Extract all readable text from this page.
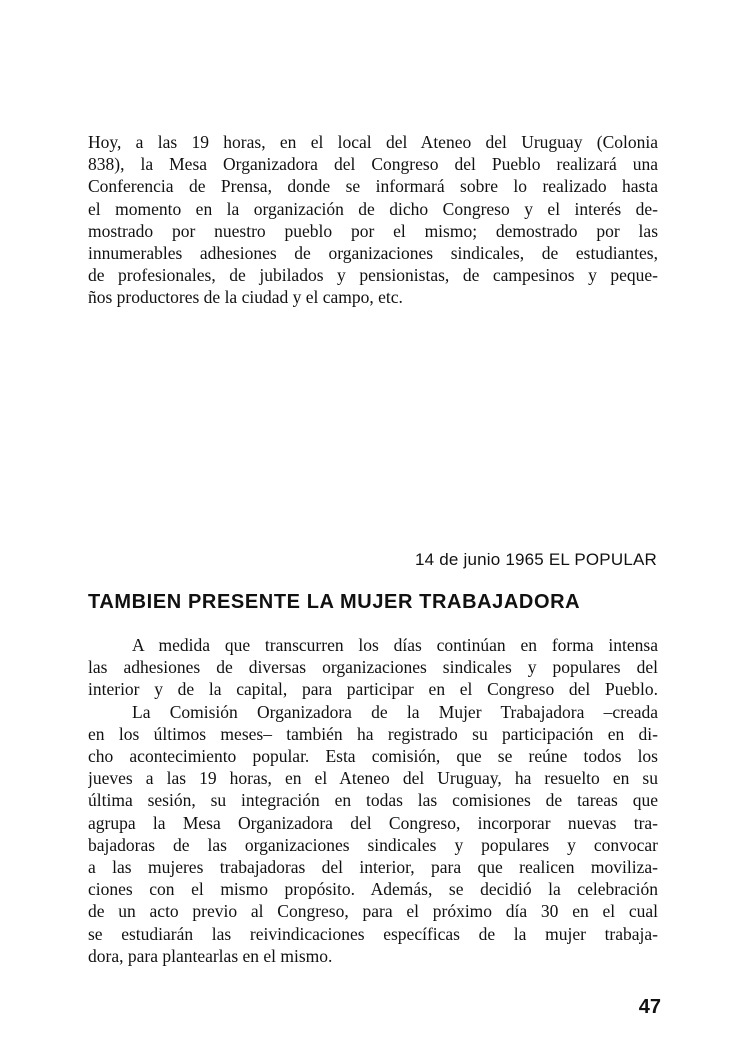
Hoy, a las 19 horas, en el local del Ateneo del Uruguay (Colonia
838), la Mesa Organizadora del Congreso del Pueblo realizará una
Conferencia de Prensa, donde se informará sobre lo realizado hasta
el momento en la organización de dicho Congreso y el interés de-
mostrado por nuestro pueblo por el mismo; demostrado por las
innumerables adhesiones de organizaciones sindicales, de estudiantes,
de profesionales, de jubilados y pensionistas, de campesinos y peque-
ños productores de la ciudad y el campo, etc.
14 de junio 1965 EL POPULAR
TAMBIEN PRESENTE LA MUJER TRABAJADORA
A medida que transcurren los días continúan en forma intensa
las adhesiones de diversas organizaciones sindicales y populares del
interior y de la capital, para participar en el Congreso del Pueblo.
La Comisión Organizadora de la Mujer Trabajadora –creada
en los últimos meses– también ha registrado su participación en di-
cho acontecimiento popular. Esta comisión, que se reúne todos los
jueves a las 19 horas, en el Ateneo del Uruguay, ha resuelto en su
última sesión, su integración en todas las comisiones de tareas que
agrupa la Mesa Organizadora del Congreso, incorporar nuevas tra-
bajadoras de las organizaciones sindicales y populares y convocar
a las mujeres trabajadoras del interior, para que realicen moviliza-
ciones con el mismo propósito. Además, se decidió la celebración
de un acto previo al Congreso, para el próximo día 30 en el cual
se estudiarán las reivindicaciones específicas de la mujer trabaja-
dora, para plantearlas en el mismo.
47
